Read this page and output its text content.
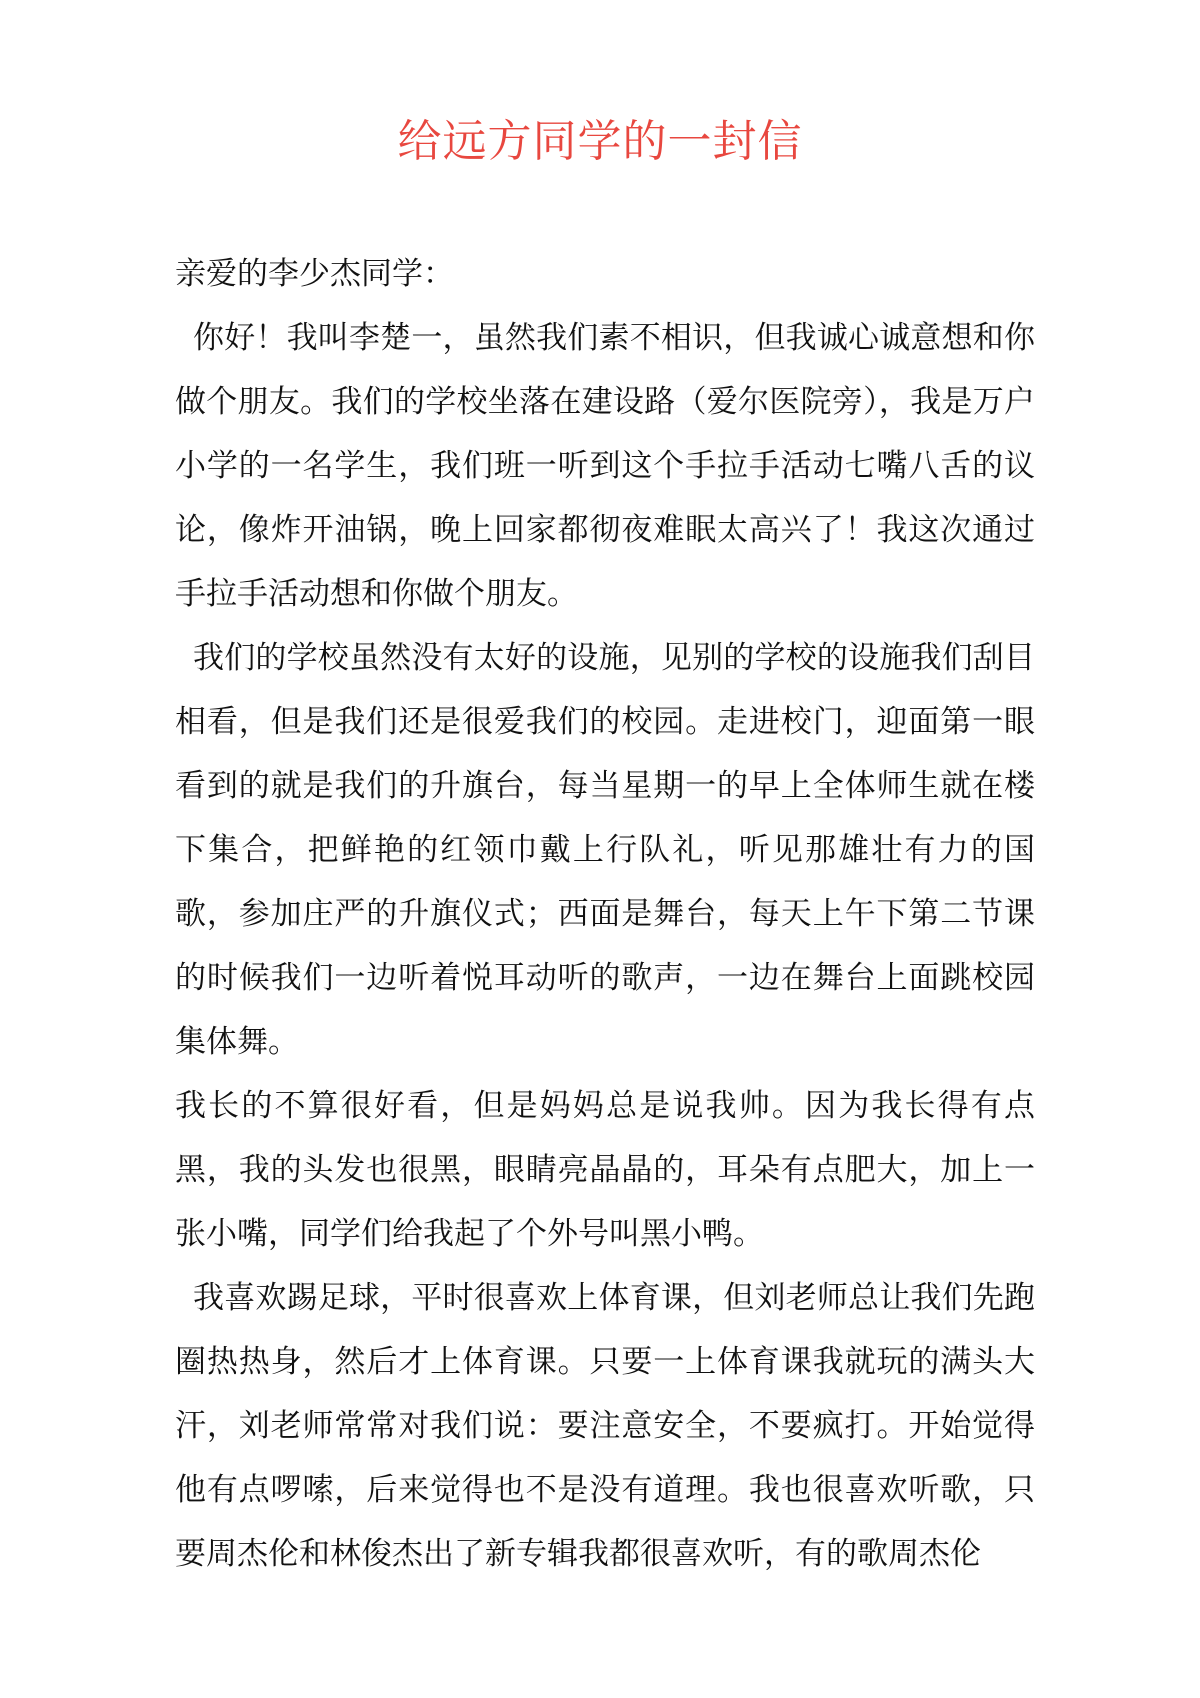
给远方同学的一封信

亲爱的李少杰同学：

你好！我叫李楚一，虽然我们素不相识，但我诚心诚意想和你做个朋友。我们的学校坐落在建设路（爱尔医院旁），我是万户小学的一名学生，我们班一听到这个手拉手活动七嘴八舌的议论，像炸开油锅，晚上回家都彻夜难眠太高兴了！我这次通过手拉手活动想和你做个朋友。

我们的学校虽然没有太好的设施，见别的学校的设施我们刮目相看，但是我们还是很爱我们的校园。走进校门，迎面第一眼看到的就是我们的升旗台，每当星期一的早上全体师生就在楼下集合，把鲜艳的红领巾戴上行队礼，听见那雄壮有力的国歌，参加庄严的升旗仪式；西面是舞台，每天上午下第二节课的时候我们一边听着悦耳动听的歌声，一边在舞台上面跳校园集体舞。

我长的不算很好看，但是妈妈总是说我帅。因为我长得有点黑，我的头发也很黑，眼睛亮晶晶的，耳朵有点肥大，加上一张小嘴，同学们给我起了个外号叫黑小鸭。

我喜欢踢足球，平时很喜欢上体育课，但刘老师总让我们先跑圈热热身，然后才上体育课。只要一上体育课我就玩的满头大汗，刘老师常常对我们说：要注意安全，不要疯打。开始觉得他有点啰嗦，后来觉得也不是没有道理。我也很喜欢听歌，只要周杰伦和林俊杰出了新专辑我都很喜欢听，有的歌周杰伦
